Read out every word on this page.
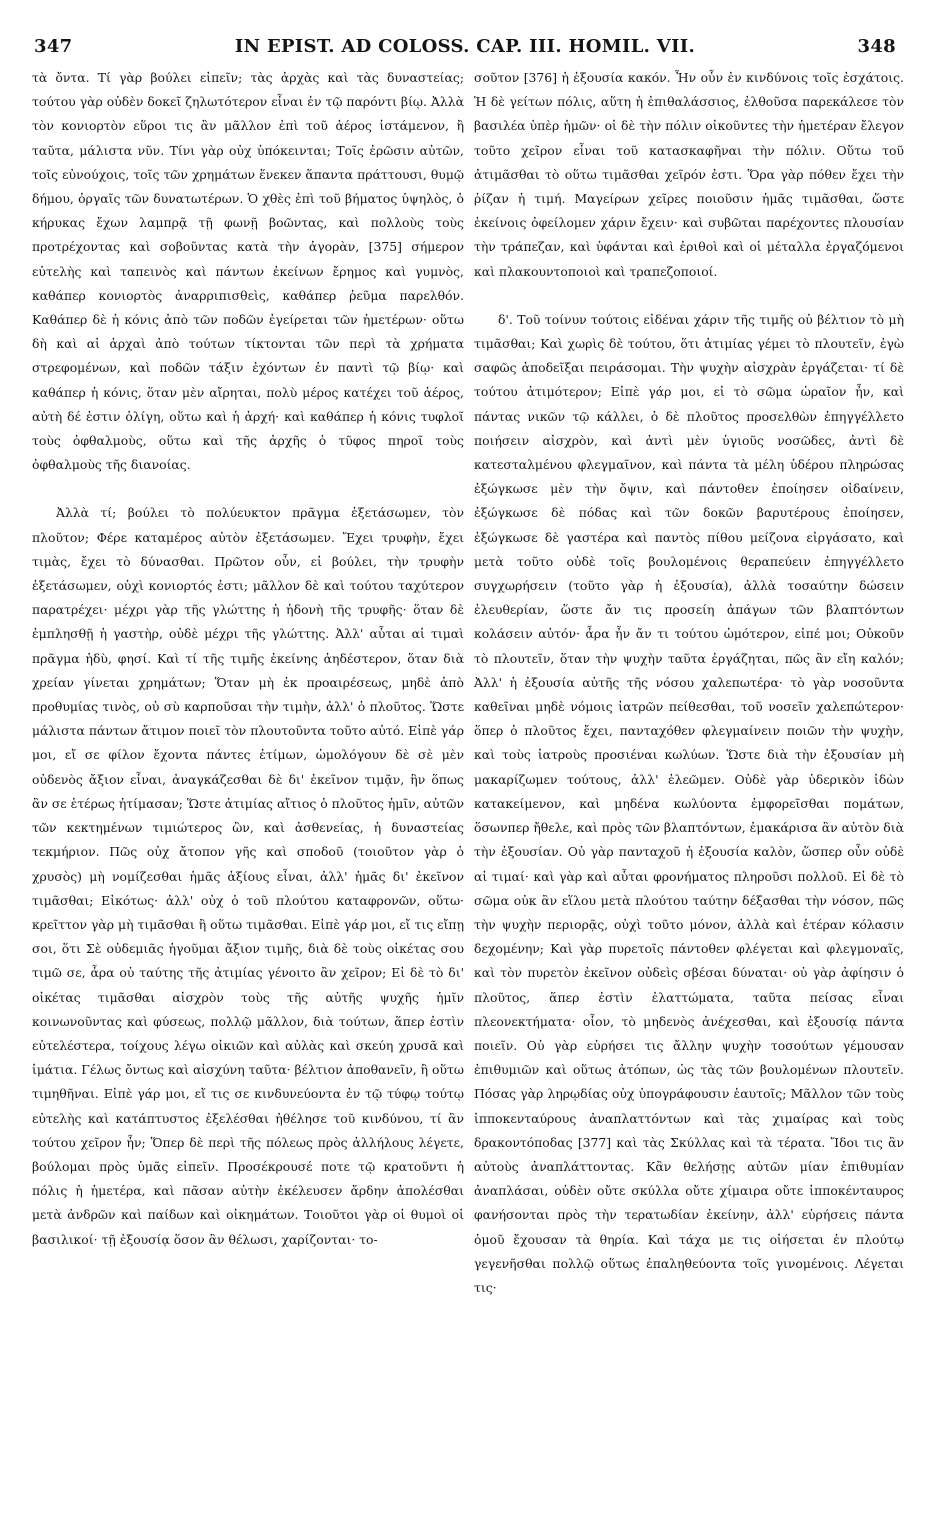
347	IN EPIST. AD COLOSS. CAP. III. HOMIL. VII.	348

τὰ ὄντα. Τί γὰρ βούλει εἰπεῖν; τὰς ἀρχὰς καὶ τὰς δυναστείας; τούτου γὰρ οὐδὲν δοκεῖ ζηλωτότερον εἶναι ἐν τῷ παρόντι βίῳ. Ἀλλὰ τὸν κονιορτὸν εὕροι τις ἂν μᾶλλον ἐπὶ τοῦ ἀέρος ἱστάμενον, ἢ ταῦτα, μάλιστα νῦν. Τίνι γὰρ οὐχ ὑπόκεινται; Τοῖς ἐρῶσιν αὐτῶν, τοῖς εὐνούχοις, τοῖς τῶν χρημάτων ἕνεκεν ἅπαντα πράττουσι, θυμῷ δήμου, ὀργαῖς τῶν δυνατωτέρων. Ὁ χθὲς ἐπὶ τοῦ βήματος ὑψηλὸς, ὁ κήρυκας ἔχων λαμπρᾷ τῇ φωνῇ βοῶντας, καὶ πολλοὺς τοὺς προτρέχοντας καὶ σοβοῦντας κατὰ τὴν ἀγορὰν, [375] σήμερον εὐτελὴς καὶ ταπεινὸς καὶ πάντων ἐκείνων ἔρημος καὶ γυμνὸς, καθάπερ κονιορτὸς ἀναρριπισθεὶς, καθάπερ ῥεῦμα παρελθόν. Καθάπερ δὲ ἡ κόνις ἀπὸ τῶν ποδῶν ἐγείρεται τῶν ἡμετέρων· οὕτω δὴ καὶ αἱ ἀρχαὶ ἀπὸ τούτων τίκτονται τῶν περὶ τὰ χρήματα στρεφομένων, καὶ ποδῶν τάξιν ἐχόντων ἐν παντὶ τῷ βίῳ· καὶ καθάπερ ἡ κόνις, ὅταν μὲν αἴρηται, πολὺ μέρος κατέχει τοῦ ἀέρος, αὐτὴ δέ ἐστιν ὀλίγη, οὕτω καὶ ἡ ἀρχή· καὶ καθάπερ ἡ κόνις τυφλοῖ τοὺς ὀφθαλμοὺς, οὕτω καὶ τῆς ἀρχῆς ὁ τῦφος πηροῖ τοὺς ὀφθαλμοὺς τῆς διανοίας.

Ἀλλὰ τί; βούλει τὸ πολύευκτον πρᾶγμα ἐξετάσωμεν, τὸν πλοῦτον; Φέρε καταμέρος αὐτὸν ἐξετάσωμεν. Ἔχει τρυφὴν, ἔχει τιμὰς, ἔχει τὸ δύνασθαι. Πρῶτον οὖν, εἰ βούλει, τὴν τρυφὴν ἐξετάσωμεν, οὐχὶ κονιορτός ἐστι; μᾶλλον δὲ καὶ τούτου ταχύτερον παρατρέχει· μέχρι γὰρ τῆς γλώττης ἡ ἡδονὴ τῆς τρυφῆς· ὅταν δὲ ἐμπλησθῇ ἡ γαστὴρ, οὐδὲ μέχρι τῆς γλώττης. Ἀλλ' αὗται αἱ τιμαὶ πρᾶγμα ἡδὺ, φησί. Καὶ τί τῆς τιμῆς ἐκείνης ἀηδέστερον, ὅταν διὰ χρείαν γίνεται χρημάτων; Ὅταν μὴ ἐκ προαιρέσεως, μηδὲ ἀπὸ προθυμίας τινὸς, οὐ σὺ καρποῦσαι τὴν τιμὴν, ἀλλ' ὁ πλοῦτος. Ὥστε μάλιστα πάντων ἄτιμον ποιεῖ τὸν πλουτοῦντα τοῦτο αὐτό. Εἰπὲ γάρ μοι, εἴ σε φίλον ἔχοντα πάντες ἐτίμων, ὡμολόγουν δὲ σὲ μὲν οὐδενὸς ἄξιον εἶναι, ἀναγκάζεσθαι δὲ δι' ἐκεῖνον τιμᾷν, ἣν ὅπως ἂν σε ἑτέρως ἠτίμασαν; Ὥστε ἀτιμίας αἴτιος ὁ πλοῦτος ἡμῖν, αὐτῶν τῶν κεκτημένων τιμιώτερος ὢν, καὶ ἀσθενείας, ἡ δυναστείας τεκμήριον. Πῶς οὐχ ἄτοπον γῆς καὶ σποδοῦ (τοιοῦτον γὰρ ὁ χρυσὸς) μὴ νομίζεσθαι ἡμᾶς ἀξίους εἶναι, ἀλλ' ἡμᾶς δι' ἐκεῖνον τιμᾶσθαι; Εἰκότως· ἀλλ' οὐχ ὁ τοῦ πλούτου καταφρονῶν, οὕτω· κρεῖττον γὰρ μὴ τιμᾶσθαι ἢ οὕτω τιμᾶσθαι. Εἰπὲ γάρ μοι, εἴ τις εἴπῃ σοι, ὅτι Σὲ οὐδεμιᾶς ἡγοῦμαι ἄξιον τιμῆς, διὰ δὲ τοὺς οἰκέτας σου τιμῶ σε, ἆρα οὐ ταύτης τῆς ἀτιμίας γένοιτο ἂν χεῖρον; Εἰ δὲ τὸ δι' οἰκέτας τιμᾶσθαι αἰσχρὸν τοὺς τῆς αὐτῆς ψυχῆς ἡμῖν κοινωνοῦντας καὶ φύσεως, πολλῷ μᾶλλον, διὰ τούτων, ἅπερ ἐστὶν εὐτελέστερα, τοίχους λέγω οἰκιῶν καὶ αὐλὰς καὶ σκεύη χρυσᾶ καὶ ἱμάτια. Γέλως ὄντως καὶ αἰσχύνη ταῦτα· βέλτιον ἀποθανεῖν, ἢ οὕτω τιμηθῆναι. Εἰπὲ γάρ μοι, εἴ τις σε κινδυνεύοντα ἐν τῷ τύφῳ τούτῳ εὐτελὴς καὶ κατάπτυστος ἐξελέσθαι ἠθέλησε τοῦ κινδύνου, τί ἂν τούτου χεῖρον ἦν; Ὅπερ δὲ περὶ τῆς πόλεως πρὸς ἀλλήλους λέγετε, βούλομαι πρὸς ὑμᾶς εἰπεῖν. Προσέκρουσέ ποτε τῷ κρατοῦντι ἡ πόλις ἡ ἡμετέρα, καὶ πᾶσαν αὐτὴν ἐκέλευσεν ἄρδην ἀπολέσθαι μετὰ ἀνδρῶν καὶ παίδων καὶ οἰκημάτων. Τοιοῦτοι γὰρ οἱ θυμοὶ οἱ βασιλικοί· τῇ ἐξουσίᾳ ὅσον ἂν θέλωσι, χαρίζονται· το-

σοῦτον [376] ἡ ἐξουσία κακόν. Ἦν οὖν ἐν κινδύνοις τοῖς ἐσχάτοις. Ἡ δὲ γείτων πόλις, αὕτη ἡ ἐπιθαλάσσιος, ἐλθοῦσα παρεκάλεσε τὸν βασιλέα ὑπὲρ ἡμῶν· οἱ δὲ τὴν πόλιν οἰκοῦντες τὴν ἡμετέραν ἔλεγον τοῦτο χεῖρον εἶναι τοῦ κατασκαφῆναι τὴν πόλιν. Οὕτω τοῦ ἀτιμᾶσθαι τὸ οὕτω τιμᾶσθαι χεῖρόν ἐστι. Ὅρα γὰρ πόθεν ἔχει τὴν ῥίζαν ἡ τιμή. Μαγείρων χεῖρες ποιοῦσιν ἡμᾶς τιμᾶσθαι, ὥστε ἐκείνοις ὀφείλομεν χάριν ἔχειν· καὶ συβῶται παρέχοντες πλουσίαν τὴν τράπεζαν, καὶ ὑφάνται καὶ ἐριθοὶ καὶ οἱ μέταλλα ἐργαζόμενοι καὶ πλακουντοποιοὶ καὶ τραπεζοποιοί.

δ'. Τοῦ τοίνυν τούτοις εἰδέναι χάριν τῆς τιμῆς οὐ βέλτιον τὸ μὴ τιμᾶσθαι; Καὶ χωρὶς δὲ τούτου, ὅτι ἀτιμίας γέμει τὸ πλουτεῖν, ἐγὼ σαφῶς ἀποδεῖξαι πειράσομαι. Τὴν ψυχὴν αἰσχρὰν ἐργάζεται· τί δὲ τούτου ἀτιμότερον; Εἰπὲ γάρ μοι, εἰ τὸ σῶμα ὡραῖον ἦν, καὶ πάντας νικῶν τῷ κάλλει, ὁ δὲ πλοῦτος προσελθὼν ἐπηγγέλλετο ποιήσειν αἰσχρὸν, καὶ ἀντὶ μὲν ὑγιοῦς νοσῶδες, ἀντὶ δὲ κατεσταλμένου φλεγμαῖνον, καὶ πάντα τὰ μέλη ὑδέρου πληρώσας ἐξώγκωσε μὲν τὴν ὄψιν, καὶ πάντοθεν ἐποίησεν οἰδαίνειν, ἐξώγκωσε δὲ πόδας καὶ τῶν δοκῶν βαρυτέρους ἐποίησεν, ἐξώγκωσε δὲ γαστέρα καὶ παντὸς πίθου μείζονα εἰργάσατο, καὶ μετὰ τοῦτο οὐδὲ τοῖς βουλομένοις θεραπεύειν ἐπηγγέλλετο συγχωρήσειν (τοῦτο γὰρ ἡ ἐξουσία), ἀλλὰ τοσαύτην δώσειν ἐλευθερίαν, ὥστε ἄν τις προσείη ἀπάγων τῶν βλαπτόντων κολάσειν αὐτόν· ἆρα ἦν ἄν τι τούτου ὠμότερον, εἰπέ μοι; Οὐκοῦν τὸ πλουτεῖν, ὅταν τὴν ψυχὴν ταῦτα ἐργάζηται, πῶς ἂν εἴη καλόν; Ἀλλ' ἡ ἐξουσία αὐτῆς τῆς νόσου χαλεπωτέρα· τὸ γὰρ νοσοῦντα καθεῖναι μηδὲ νόμοις ἰατρῶν πείθεσθαι, τοῦ νοσεῖν χαλεπώτερον· ὅπερ ὁ πλοῦτος ἔχει, πανταχόθεν φλεγμαίνειν ποιῶν τὴν ψυχὴν, καὶ τοὺς ἰατροὺς προσιέναι κωλύων. Ὥστε διὰ τὴν ἐξουσίαν μὴ μακαρίζωμεν τούτους, ἀλλ' ἐλεῶμεν. Οὐδὲ γὰρ ὑδερικὸν ἰδὼν κατακείμενον, καὶ μηδένα κωλύοντα ἐμφορεῖσθαι πομάτων, ὅσωνπερ ἤθελε, καὶ πρὸς τῶν βλαπτόντων, ἐμακάρισα ἂν αὐτὸν διὰ τὴν ἐξουσίαν. Οὐ γὰρ πανταχοῦ ἡ ἐξουσία καλὸν, ὥσπερ οὖν οὐδὲ αἱ τιμαί· καὶ γὰρ καὶ αὗται φρονήματος πληροῦσι πολλοῦ. Εἰ δὲ τὸ σῶμα οὐκ ἂν εἵλου μετὰ πλούτου ταύτην δέξασθαι τὴν νόσον, πῶς τὴν ψυχὴν περιορᾷς, οὐχὶ τοῦτο μόνον, ἀλλὰ καὶ ἑτέραν κόλασιν δεχομένην; Καὶ γὰρ πυρετοῖς πάντοθεν φλέγεται καὶ φλεγμοναῖς, καὶ τὸν πυρετὸν ἐκεῖνον οὐδεὶς σβέσαι δύναται· οὐ γὰρ ἀφίησιν ὁ πλοῦτος, ἅπερ ἐστὶν ἐλαττώματα, ταῦτα πείσας εἶναι πλεονεκτήματα· οἷον, τὸ μηδενὸς ἀνέχεσθαι, καὶ ἐξουσίᾳ πάντα ποιεῖν. Οὐ γὰρ εὑρήσει τις ἄλλην ψυχὴν τοσούτων γέμουσαν ἐπιθυμιῶν καὶ οὕτως ἀτόπων, ὡς τὰς τῶν βουλομένων πλουτεῖν. Πόσας γὰρ ληρῳδίας οὐχ ὑπογράφουσιν ἑαυτοῖς; Μᾶλλον τῶν τοὺς ἱπποκενταύρους ἀναπλαττόντων καὶ τὰς χιμαίρας καὶ τοὺς δρακοντόποδας [377] καὶ τὰς Σκύλλας καὶ τὰ τέρατα. Ἴδοι τις ἂν αὐτοὺς ἀναπλάττοντας. Κἂν θελήσῃς αὐτῶν μίαν ἐπιθυμίαν ἀναπλάσαι, οὐδὲν οὔτε σκύλλα οὔτε χίμαιρα οὔτε ἱπποκένταυρος φανήσονται πρὸς τὴν τερατωδίαν ἐκείνην, ἀλλ' εὑρήσεις πάντα ὁμοῦ ἔχουσαν τὰ θηρία. Καὶ τάχα με τις οἰήσεται ἐν πλούτῳ γεγενῆσθαι πολλῷ οὕτως ἐπαληθεύοντα τοῖς γινομένοις. Λέγεται τις·
